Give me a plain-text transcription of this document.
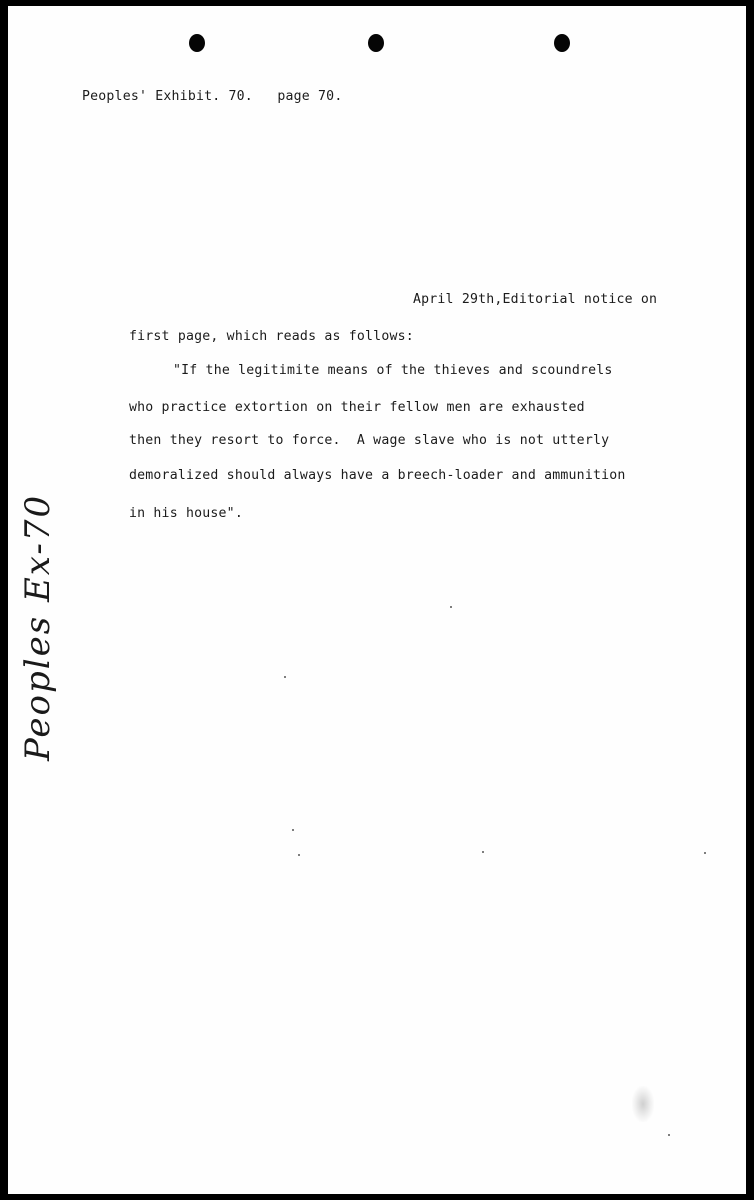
Peoples' Exhibit. 70.   page 70.
April 29th,Editorial notice on
first page, which reads as follows:
"If the legitimite means of the thieves and scoundrels
who practice extortion on their fellow men are exhausted
then they resort to force.  A wage slave who is not utterly
demoralized should always have a breech-loader and ammunition
in his house".
Peoples Ex-70
